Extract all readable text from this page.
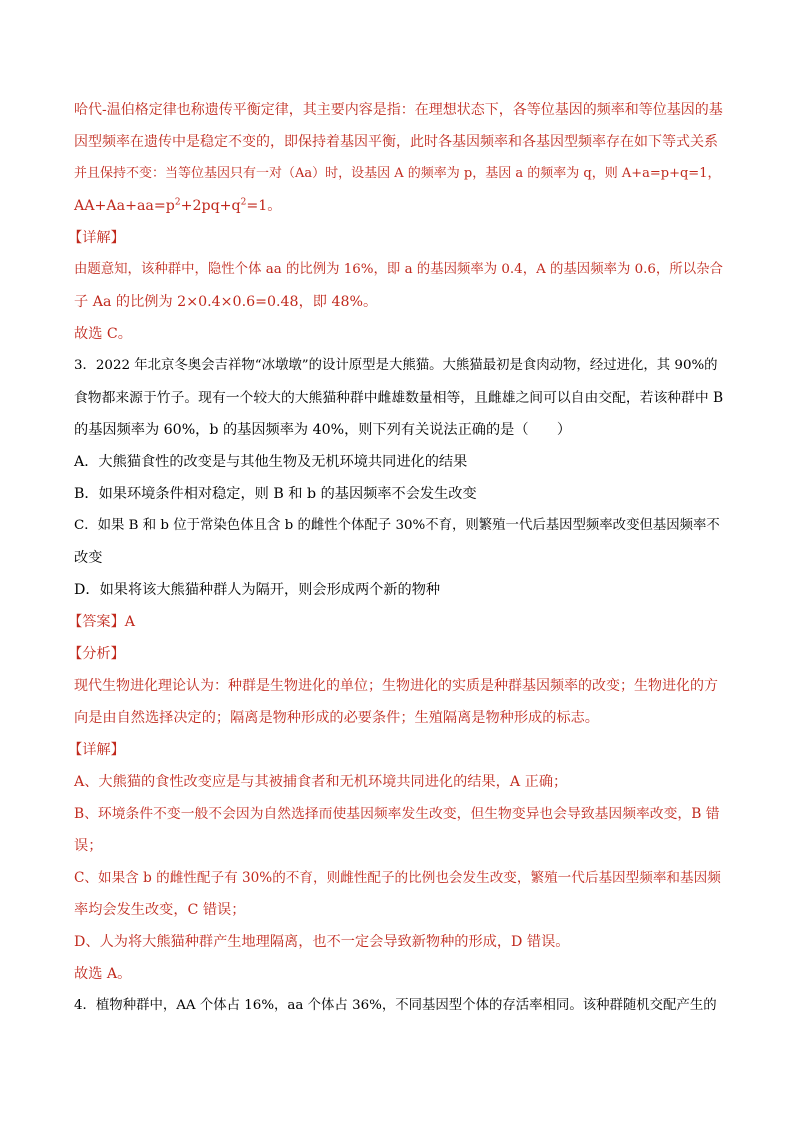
哈代-温伯格定律也称遗传平衡定律，其主要内容是指：在理想状态下，各等位基因的频率和等位基因的基
因型频率在遗传中是稳定不变的，即保持着基因平衡，此时各基因频率和各基因型频率存在如下等式关系
并且保持不变：当等位基因只有一对（Aa）时，设基因 A 的频率为 p，基因 a 的频率为 q，则 A+a=p+q=1，
$AA+Aa+aa=p^2+2pq+q^2=1$。
【详解】
由题意知，该种群中，隐性个体 aa 的比例为 16%，即 a 的基因频率为 0.4，A 的基因频率为 0.6，所以杂合
子 Aa 的比例为 2×0.4×0.6=0.48，即 48%。
故选 C。
3．2022 年北京冬奥会吉祥物“冰墩墩”的设计原型是大熊猫。大熊猫最初是食肉动物，经过进化，其 90%的
食物都来源于竹子。现有一个较大的大熊猫种群中雌雄数量相等，且雌雄之间可以自由交配，若该种群中 B
的基因频率为 60%，b 的基因频率为 40%，则下列有关说法正确的是（　　）
A．大熊猫食性的改变是与其他生物及无机环境共同进化的结果
B．如果环境条件相对稳定，则 B 和 b 的基因频率不会发生改变
C．如果 B 和 b 位于常染色体且含 b 的雌性个体配子 30%不育，则繁殖一代后基因型频率改变但基因频率不
改变
D．如果将该大熊猫种群人为隔开，则会形成两个新的物种
【答案】A
【分析】
现代生物进化理论认为：种群是生物进化的单位；生物进化的实质是种群基因频率的改变；生物进化的方
向是由自然选择决定的；隔离是物种形成的必要条件；生殖隔离是物种形成的标志。
【详解】
A、大熊猫的食性改变应是与其被捕食者和无机环境共同进化的结果，A 正确；
B、环境条件不变一般不会因为自然选择而使基因频率发生改变，但生物变异也会导致基因频率改变，B 错
误；
C、如果含 b 的雌性配子有 30%的不育，则雌性配子的比例也会发生改变，繁殖一代后基因型频率和基因频
率均会发生改变，C 错误；
D、人为将大熊猫种群产生地理隔离，也不一定会导致新物种的形成，D 错误。
故选 A。
4．植物种群中，AA 个体占 16%，aa 个体占 36%，不同基因型个体的存活率相同。该种群随机交配产生的
